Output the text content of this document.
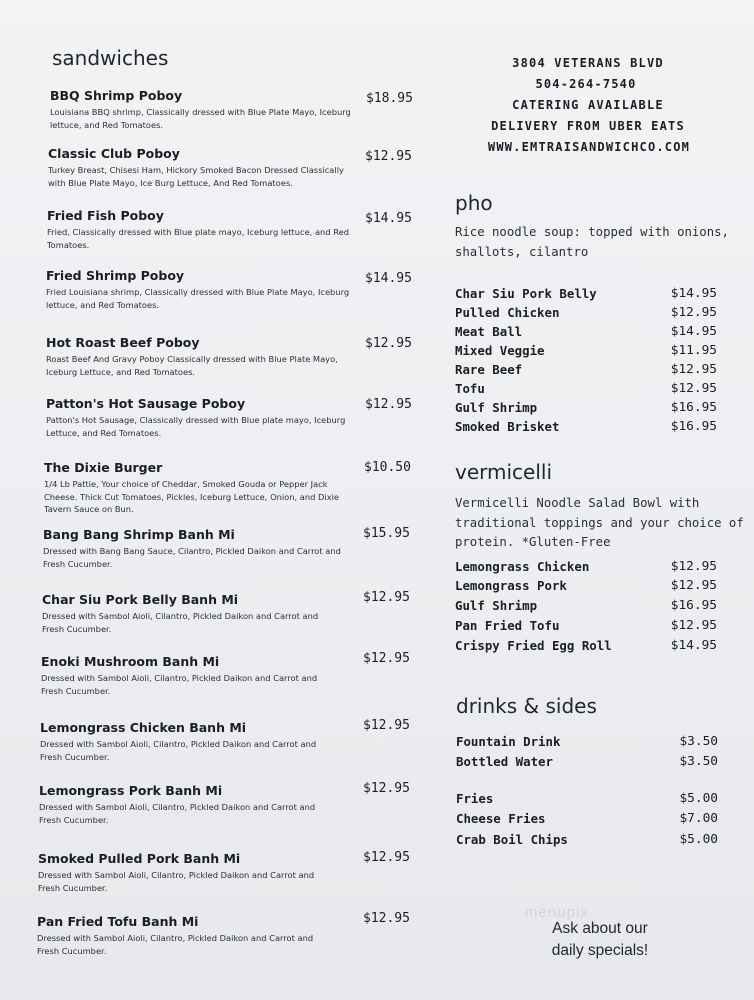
sandwiches
BBQ Shrimp Poboy
Louisiana BBQ shrimp, Classically dressed with Blue Plate Mayo, Iceburg lettuce, and Red Tomatoes.
$18.95
Classic Club Poboy
Turkey Breast, Chisesi Ham, Hickory Smoked Bacon Dressed Classically with Blue Plate Mayo, Ice Burg Lettuce, And Red Tomatoes.
$12.95
Fried Fish Poboy
Fried, Classically dressed with Blue plate mayo, Iceburg lettuce, and Red Tomatoes.
$14.95
Fried Shrimp Poboy
Fried Louisiana shrimp, Classically dressed with Blue Plate Mayo, Iceburg lettuce, and Red Tomatoes.
$14.95
Hot Roast Beef Poboy
Roast Beef And Gravy Poboy Classically dressed with Blue Plate Mayo, Iceburg Lettuce, and Red Tomatoes.
$12.95
Patton's Hot Sausage Poboy
Patton's Hot Sausage, Classically dressed with Blue plate mayo, Iceburg Lettuce, and Red Tomatoes.
$12.95
The Dixie Burger
1/4 Lb Pattie, Your choice of Cheddar, Smoked Gouda or Pepper Jack Cheese. Thick Cut Tomatoes, Pickles, Iceburg Lettuce, Onion, and Dixie Tavern Sauce on Bun.
$10.50
Bang Bang Shrimp Banh Mi
Dressed with Bang Bang Sauce, Cilantro, Pickled Daikon and Carrot and Fresh Cucumber.
$15.95
Char Siu Pork Belly Banh Mi
Dressed with Sambol Aioli, Cilantro, Pickled Daikon and Carrot and Fresh Cucumber.
$12.95
Enoki Mushroom Banh Mi
Dressed with Sambol Aioli, Cilantro, Pickled Daikon and Carrot and Fresh Cucumber.
$12.95
Lemongrass Chicken Banh Mi
Dressed with Sambol Aioli, Cilantro, Pickled Daikon and Carrot and Fresh Cucumber.
$12.95
Lemongrass Pork Banh Mi
Dressed with Sambol Aioli, Cilantro, Pickled Daikon and Carrot and Fresh Cucumber.
$12.95
Smoked Pulled Pork Banh Mi
Dressed with Sambol Aioli, Cilantro, Pickled Daikon and Carrot and Fresh Cucumber.
$12.95
Pan Fried Tofu Banh Mi
Dressed with Sambol Aioli, Cilantro, Pickled Daikon and Carrot and Fresh Cucumber.
$12.95
3804 VETERANS BLVD
504-264-7540
CATERING AVAILABLE
DELIVERY FROM UBER EATS
WWW.EMTRAISANDWICHCO.COM
pho
Rice noodle soup: topped with onions, shallots, cilantro
Char Siu Pork Belly	$14.95
Pulled Chicken	$12.95
Meat Ball	$14.95
Mixed Veggie	$11.95
Rare Beef	$12.95
Tofu	$12.95
Gulf Shrimp	$16.95
Smoked Brisket	$16.95
vermicelli
Vermicelli Noodle Salad Bowl with traditional toppings and your choice of protein. *Gluten-Free
Lemongrass Chicken	$12.95
Lemongrass Pork	$12.95
Gulf Shrimp	$16.95
Pan Fried Tofu	$12.95
Crispy Fried Egg Roll	$14.95
drinks & sides
Fountain Drink	$3.50
Bottled Water	$3.50
Fries	$5.00
Cheese Fries	$7.00
Crab Boil Chips	$5.00
menupix
Ask about our
daily specials!
